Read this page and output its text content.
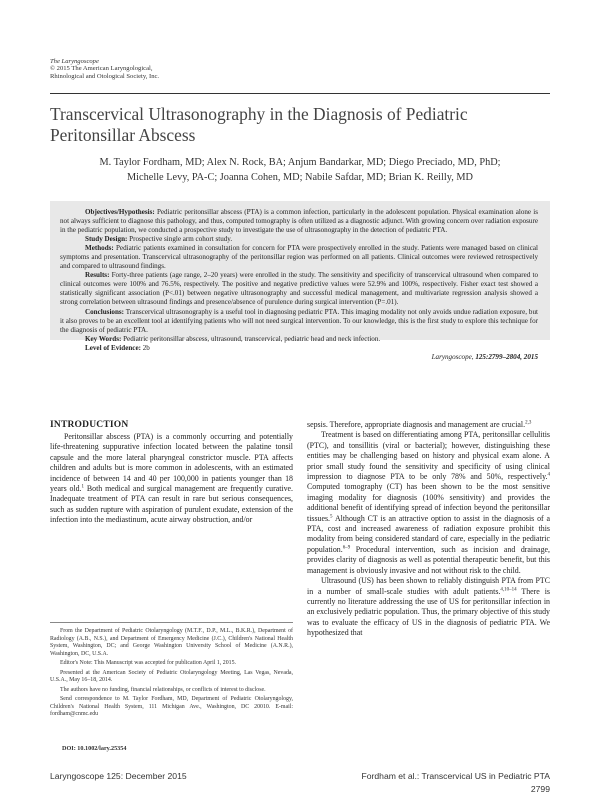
The Laryngoscope
© 2015 The American Laryngological,
Rhinological and Otological Society, Inc.
Transcervical Ultrasonography in the Diagnosis of Pediatric Peritonsillar Abscess
M. Taylor Fordham, MD; Alex N. Rock, BA; Anjum Bandarkar, MD; Diego Preciado, MD, PhD;
Michelle Levy, PA-C; Joanna Cohen, MD; Nabile Safdar, MD; Brian K. Reilly, MD

Objectives/Hypothesis: Pediatric peritonsillar abscess (PTA) is a common infection, particularly in the adolescent population. Physical examination alone is not always sufficient to diagnose this pathology, and thus, computed tomography is often utilized as a diagnostic adjunct. With growing concern over radiation exposure in the pediatric population, we conducted a prospective study to investigate the use of ultrasonography in the detection of pediatric PTA.

Study Design: Prospective single arm cohort study.

Methods: Pediatric patients examined in consultation for concern for PTA were prospectively enrolled in the study. Patients were managed based on clinical symptoms and presentation. Transcervical ultrasonography of the peritonsillar region was performed on all patients. Clinical outcomes were reviewed retrospectively and compared to ultrasound findings.

Results: Forty-three patients (age range, 2–20 years) were enrolled in the study. The sensitivity and specificity of transcervical ultrasound when compared to clinical outcomes were 100% and 76.5%, respectively. The positive and negative predictive values were 52.9% and 100%, respectively. Fisher exact test showed a statistically significant association (P<.01) between negative ultrasonography and successful medical management, and multivariate regression analysis showed a strong correlation between ultrasound findings and presence/absence of purulence during surgical intervention (P=.01).

Conclusions: Transcervical ultrasonography is a useful tool in diagnosing pediatric PTA. This imaging modality not only avoids undue radiation exposure, but it also proves to be an excellent tool at identifying patients who will not need surgical intervention. To our knowledge, this is the first study to explore this technique for the diagnosis of pediatric PTA.

Key Words: Pediatric peritonsillar abscess, ultrasound, transcervical, pediatric head and neck infection.

Level of Evidence: 2b

Laryngoscope, 125:2799–2804, 2015

INTRODUCTION

Peritonsillar abscess (PTA) is a commonly occurring and potentially life-threatening suppurative infection located between the palatine tonsil capsule and the more lateral pharyngeal constrictor muscle. PTA affects children and adults but is more common in adolescents, with an estimated incidence of between 14 and 40 per 100,000 in patients younger than 18 years old.$^1$ Both medical and surgical management are frequently curative. Inadequate treatment of PTA can result in rare but serious consequences, such as sudden rupture with aspiration of purulent exudate, extension of the infection into the mediastinum, acute airway obstruction, and/or

From the Department of Pediatric Otolaryngology (M.T.F., D.P., M.L., B.K.R.), Department of Radiology (A.B., N.S.), and Department of Emergency Medicine (J.C.), Children's National Health System, Washington, DC; and George Washington University School of Medicine (A.N.R.), Washington, DC, U.S.A.

Editor's Note: This Manuscript was accepted for publication April 1, 2015.

Presented at the American Society of Pediatric Otolaryngology Meeting, Las Vegas, Nevada, U.S.A., May 16–18, 2014.

The authors have no funding, financial relationships, or conflicts of interest to disclose.

Send correspondence to M. Taylor Fordham, MD, Department of Pediatric Otolaryngology, Children's National Health System, 111 Michigan Ave., Washington, DC 20010. E-mail: fordham@cnmc.edu

DOI: 10.1002/lary.25354

sepsis. Therefore, appropriate diagnosis and management are crucial.$^{2,3}$

Treatment is based on differentiating among PTA, peritonsillar cellulitis (PTC), and tonsillitis (viral or bacterial); however, distinguishing these entities may be challenging based on history and physical exam alone. A prior small study found the sensitivity and specificity of using clinical impression to diagnose PTA to be only 78% and 50%, respectively.$^4$ Computed tomography (CT) has been shown to be the most sensitive imaging modality for diagnosis (100% sensitivity) and provides the additional benefit of identifying spread of infection beyond the peritonsillar tissues.$^5$ Although CT is an attractive option to assist in the diagnosis of a PTA, cost and increased awareness of radiation exposure prohibit this modality from being considered standard of care, especially in the pediatric population.$^{6-9}$ Procedural intervention, such as incision and drainage, provides clarity of diagnosis as well as potential therapeutic benefit, but this management is obviously invasive and not without risk to the child.

Ultrasound (US) has been shown to reliably distinguish PTA from PTC in a number of small-scale studies with adult patients.$^{4,10-14}$ There is currently no literature addressing the use of US for peritonsillar infection in an exclusively pediatric population. Thus, the primary objective of this study was to evaluate the efficacy of US in the diagnosis of pediatric PTA. We hypothesized that

Laryngoscope 125: December 2015	Fordham et al.: Transcervical US in Pediatric PTA
2799
